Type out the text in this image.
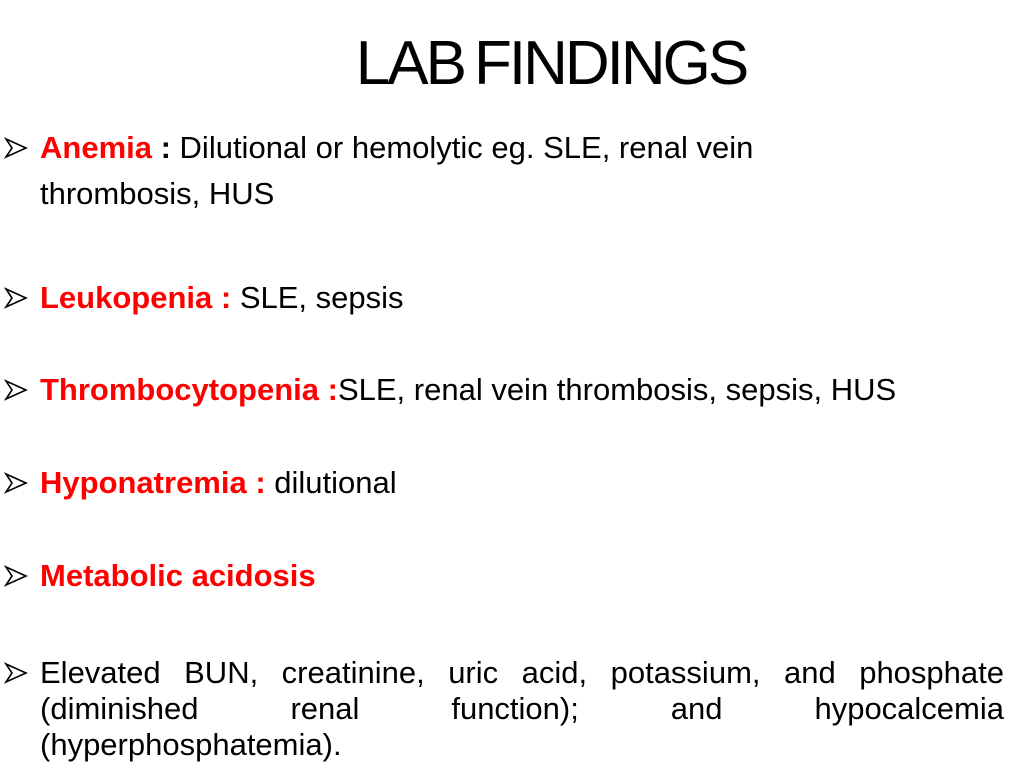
LAB FINDINGS
Anemia : Dilutional or hemolytic eg. SLE, renal vein
thrombosis, HUS
Leukopenia : SLE, sepsis
Thrombocytopenia :SLE, renal vein thrombosis, sepsis, HUS
Hyponatremia : dilutional
Metabolic acidosis
Elevated BUN, creatinine, uric acid, potassium, and phosphate
(diminished renal function); and hypocalcemia
(hyperphosphatemia).
